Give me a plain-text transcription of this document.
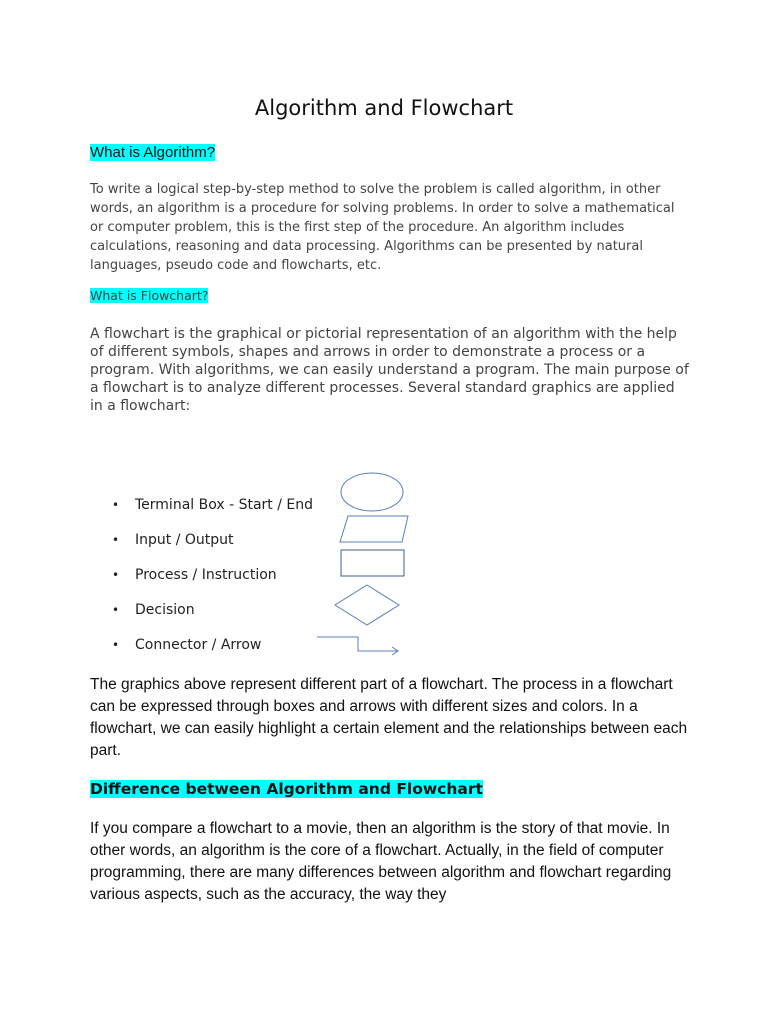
Algorithm and Flowchart
What is Algorithm?
To write a logical step-by-step method to solve the problem is called algorithm, in other words, an algorithm is a procedure for solving problems. In order to solve a mathematical or computer problem, this is the first step of the procedure. An algorithm includes calculations, reasoning and data processing. Algorithms can be presented by natural languages, pseudo code and flowcharts, etc.
What is Flowchart?
A flowchart is the graphical or pictorial representation of an algorithm with the help of different symbols, shapes and arrows in order to demonstrate a process or a program. With algorithms, we can easily understand a program. The main purpose of a flowchart is to analyze different processes. Several standard graphics are applied in a flowchart:
• Terminal Box - Start / End
• Input / Output
• Process / Instruction
• Decision
• Connector / Arrow
The graphics above represent different part of a flowchart. The process in a flowchart can be expressed through boxes and arrows with different sizes and colors. In a flowchart, we can easily highlight a certain element and the relationships between each part.
Difference between Algorithm and Flowchart
If you compare a flowchart to a movie, then an algorithm is the story of that movie. In other words, an algorithm is the core of a flowchart. Actually, in the field of computer programming, there are many differences between algorithm and flowchart regarding various aspects, such as the accuracy, the way they
